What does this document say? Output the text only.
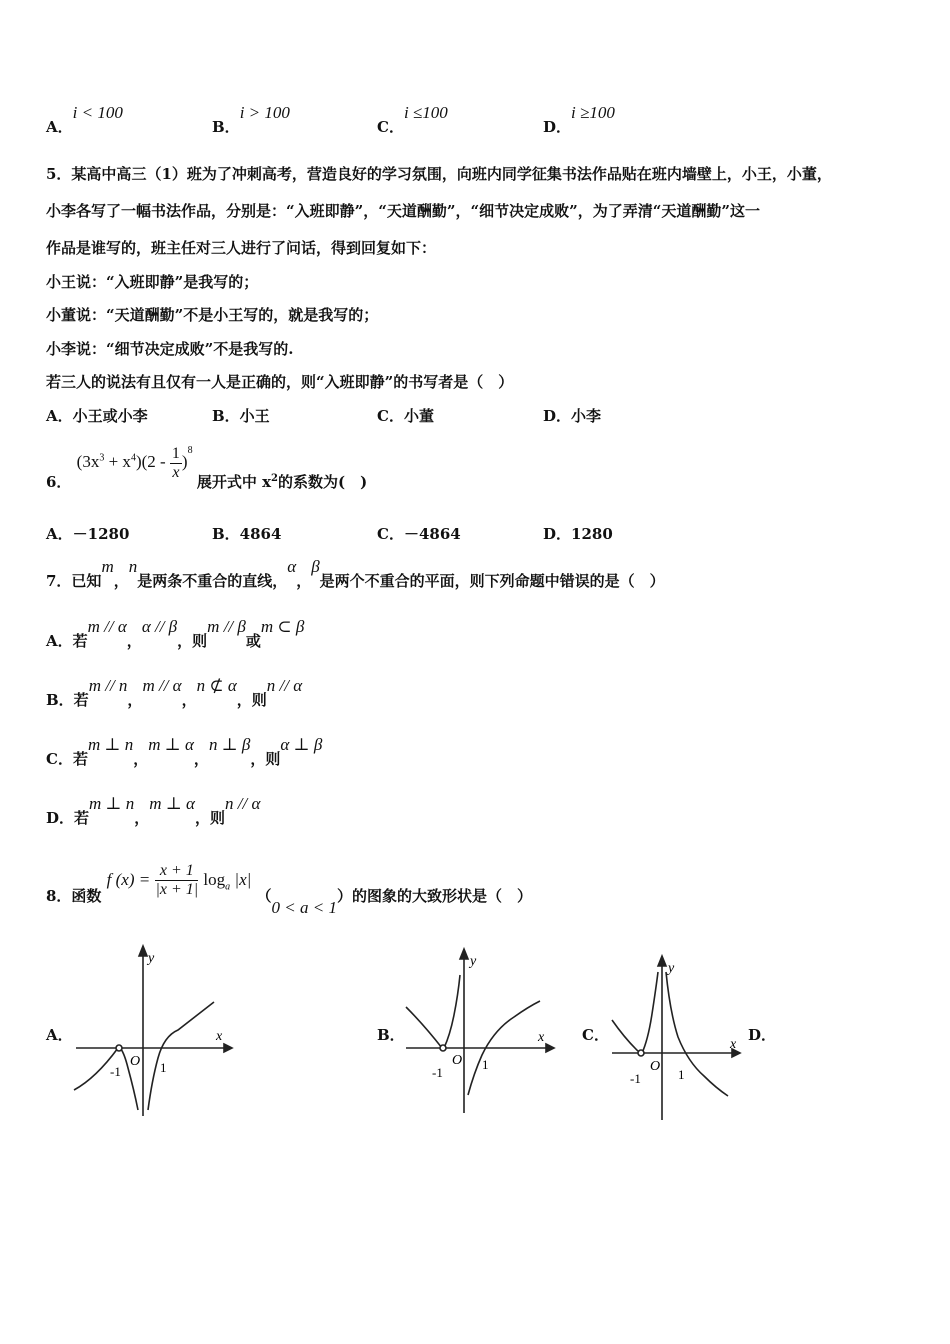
A．i < 100
B．i > 100
C．i ≤100
D．i ≥100
5．某高中高三（1）班为了冲刺高考，营造良好的学习氛围，向班内同学征集书法作品贴在班内墙壁上，小王，小董，
小李各写了一幅书法作品，分别是：“入班即静”，“天道酬勤”，“细节决定成败”，为了弄清“天道酬勤”这一
作品是谁写的，班主任对三人进行了问话，得到回复如下：
小王说：“入班即静”是我写的；
小董说：“天道酬勤”不是小王写的，就是我写的；
小李说：“细节决定成败”不是我写的.
若三人的说法有且仅有一人是正确的，则“入班即静”的书写者是（　）
A．小王或小李	B．小王	C．小董	D．小李
6． $(3x^3 + x^4)(2 - \frac{1}{x} )^8$ 展开式中 $x^2$的系数为(　)
A．－1280	B．4864	C．－4864	D．1280
7．已知m，n是两条不重合的直线，α，β是两个不重合的平面，则下列命题中错误的是（　）
A．若m // α，α // β，则m // β或m ⊂ β
B．若m // n，m // α，n ⊄ α，则n // α
C．若m ⊥ n，m ⊥ α，n ⊥ β，则α ⊥ β
D．若m ⊥ n，m ⊥ α，则n // α
8．函数 f $(x) = \frac{x + 1}{|x + 1|} \log_a |x|$ （0 < a < 1）的图象的大致形状是（　）
A．	B．	C．	D．
y
x
O
-1	1
y
x
O
-1
1
y
x
O
-1	1
